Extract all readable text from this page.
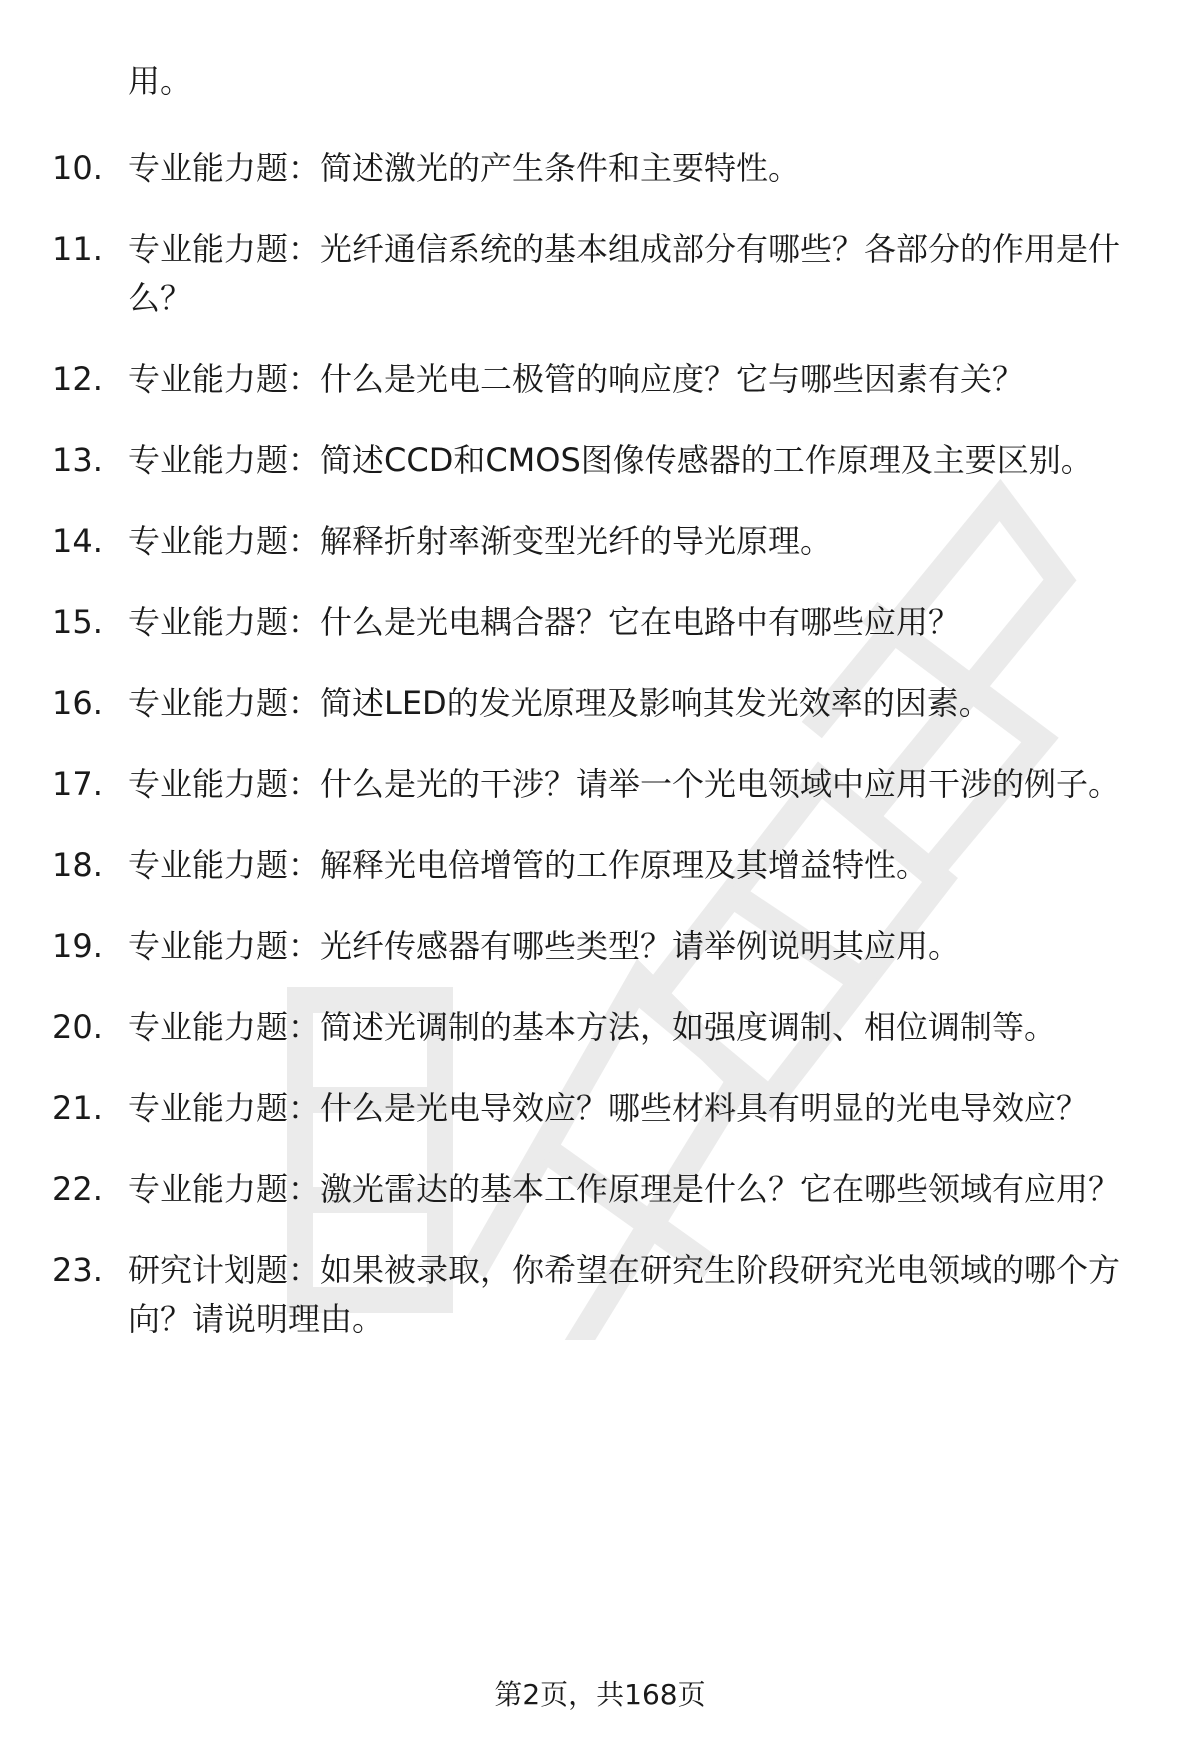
用。
10. 专业能力题：简述激光的产生条件和主要特性。
11. 专业能力题：光纤通信系统的基本组成部分有哪些？各部分的作用是什么？
12. 专业能力题：什么是光电二极管的响应度？它与哪些因素有关？
13. 专业能力题：简述CCD和CMOS图像传感器的工作原理及主要区别。
14. 专业能力题：解释折射率渐变型光纤的导光原理。
15. 专业能力题：什么是光电耦合器？它在电路中有哪些应用？
16. 专业能力题：简述LED的发光原理及影响其发光效率的因素。
17. 专业能力题：什么是光的干涉？请举一个光电领域中应用干涉的例子。
18. 专业能力题：解释光电倍增管的工作原理及其增益特性。
19. 专业能力题：光纤传感器有哪些类型？请举例说明其应用。
20. 专业能力题：简述光调制的基本方法，如强度调制、相位调制等。
21. 专业能力题：什么是光电导效应？哪些材料具有明显的光电导效应？
22. 专业能力题：激光雷达的基本工作原理是什么？它在哪些领域有应用？
23. 研究计划题：如果被录取，你希望在研究生阶段研究光电领域的哪个方向？请说明理由。
第2页，共168页
